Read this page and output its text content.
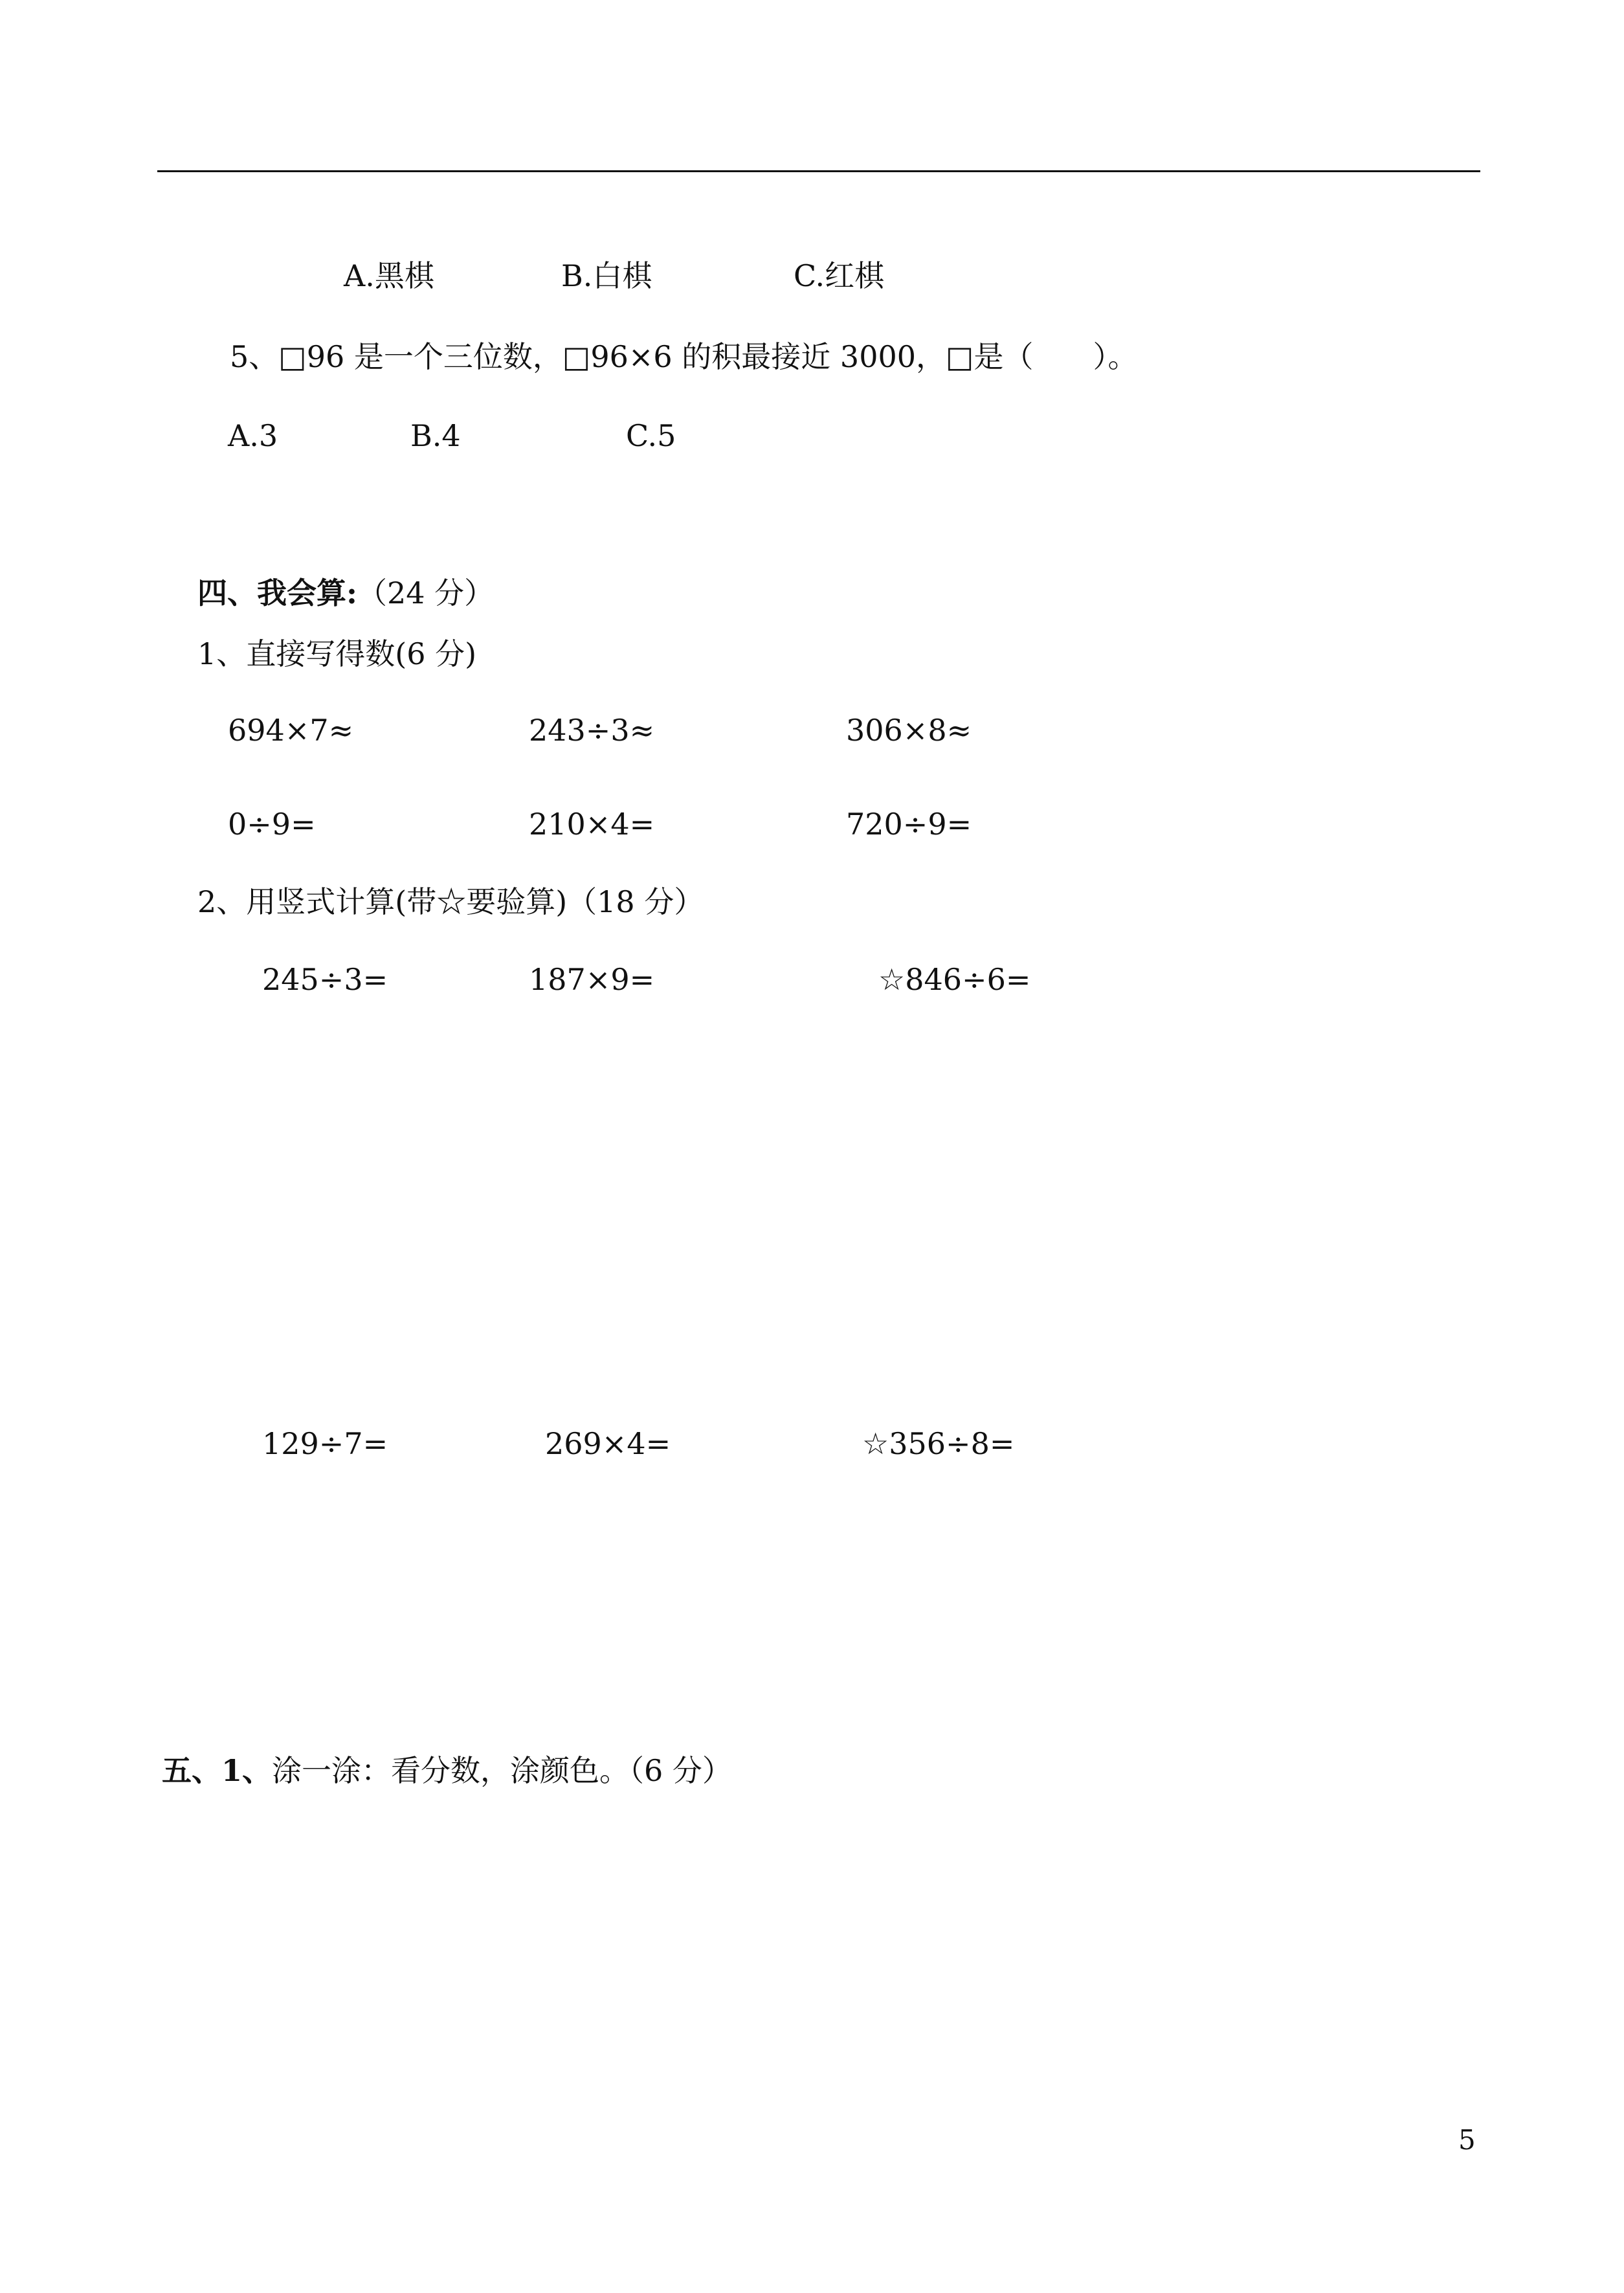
A.黑棋	B.白棋	C.红棋
5、□96 是一个三位数，□96×6 的积最接近 3000，□是（　　）。
A.3	B.4	C.5
四、我会算:（24 分）
1、直接写得数(6 分)
694×7≈	243÷3≈	306×8≈
0÷9=	210×4=	720÷9=
2、用竖式计算(带☆要验算)（18 分）
245÷3=	187×9=	☆846÷6=
129÷7=	269×4=	☆356÷8=
五、1、涂一涂：看分数，涂颜色。（6 分）
5
